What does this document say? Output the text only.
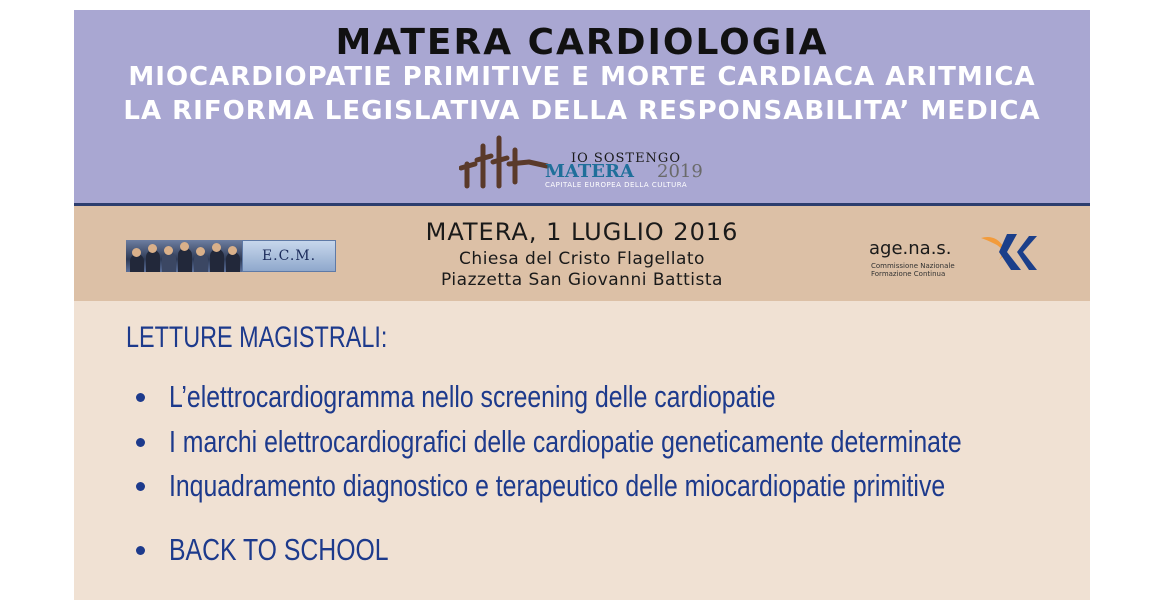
MATERA CARDIOLOGIA
MIOCARDIOPATIE PRIMITIVE E MORTE CARDIACA ARITMICA
LA RIFORMA LEGISLATIVA DELLA RESPONSABILITA’ MEDICA
IO SOSTENGO
MATERA 2019
CAPITALE EUROPEA DELLA CULTURA
E.C.M.
MATERA, 1 LUGLIO 2016
Chiesa del Cristo Flagellato
Piazzetta San Giovanni Battista
age.na.s.
Commissione Nazionale
Formazione Continua
LETTURE MAGISTRALI:
L’elettrocardiogramma nello screening delle cardiopatie
I marchi elettrocardiografici delle cardiopatie geneticamente determinate
Inquadramento diagnostico e terapeutico delle miocardiopatie primitive
BACK TO SCHOOL
